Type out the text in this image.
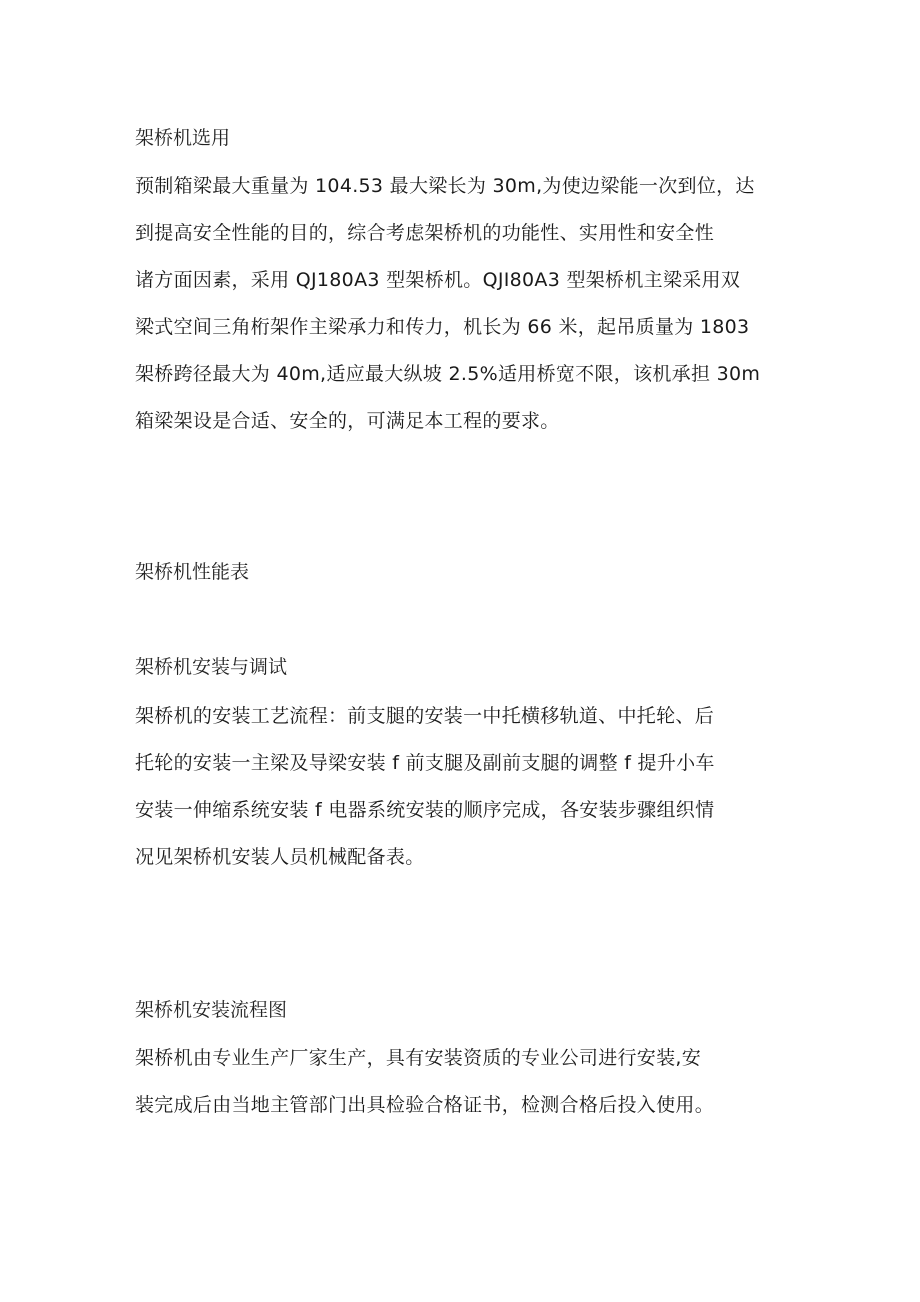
架桥机选用
预制箱梁最大重量为 104.53 最大梁长为 30m,为使边梁能一次到位，达
到提高安全性能的目的，综合考虑架桥机的功能性、实用性和安全性
诸方面因素，采用 QJ180A3 型架桥机。QJI80A3 型架桥机主梁采用双
梁式空间三角桁架作主梁承力和传力，机长为 66 米，起吊质量为 1803
架桥跨径最大为 40m,适应最大纵坡 2.5%适用桥宽不限，该机承担 30m
箱梁架设是合适、安全的，可满足本工程的要求。
架桥机性能表
架桥机安装与调试
架桥机的安装工艺流程：前支腿的安装一中托横移轨道、中托轮、后
托轮的安装一主梁及导梁安装 f 前支腿及副前支腿的调整 f 提升小车
安装一伸缩系统安装 f 电器系统安装的顺序完成，各安装步骤组织情
况见架桥机安装人员机械配备表。
架桥机安装流程图
架桥机由专业生产厂家生产，具有安装资质的专业公司进行安装,安
装完成后由当地主管部门出具检验合格证书，检测合格后投入使用。
